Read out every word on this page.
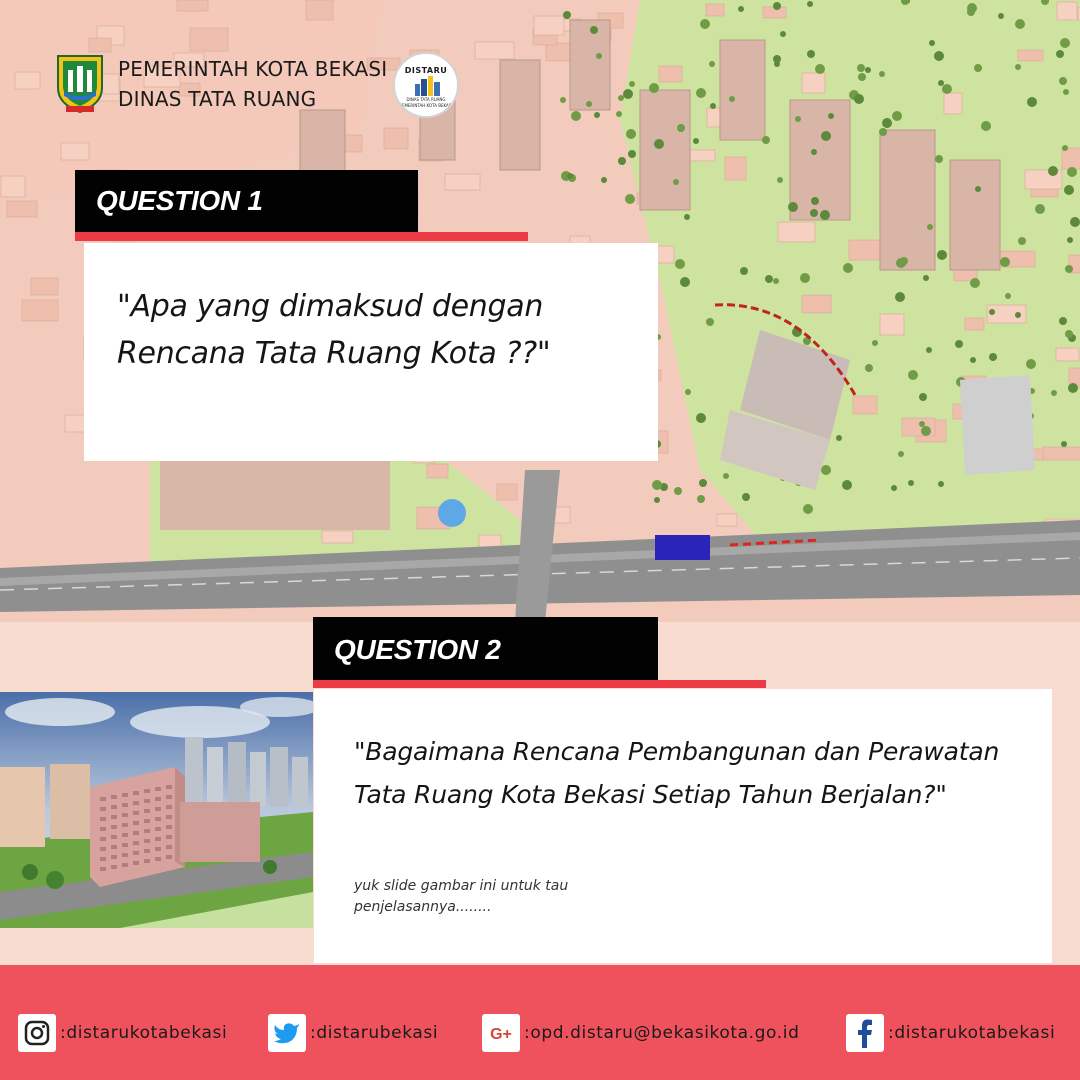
PEMERINTAH KOTA BEKASI
DINAS TATA RUANG
DISTARU
DINAS TATA RUANG
PEMERINTAH KOTA BEKASI
QUESTION 1
"Apa yang dimaksud dengan Rencana Tata Ruang Kota ??"
QUESTION 2
"Bagaimana Rencana Pembangunan dan Perawatan Tata Ruang Kota Bekasi Setiap Tahun Berjalan?"
yuk slide gambar ini untuk tau penjelasannya........
:distarukotabekasi	:distarubekasi	G+ :opd.distaru@bekasikota.go.id	:distarukotabekasi
